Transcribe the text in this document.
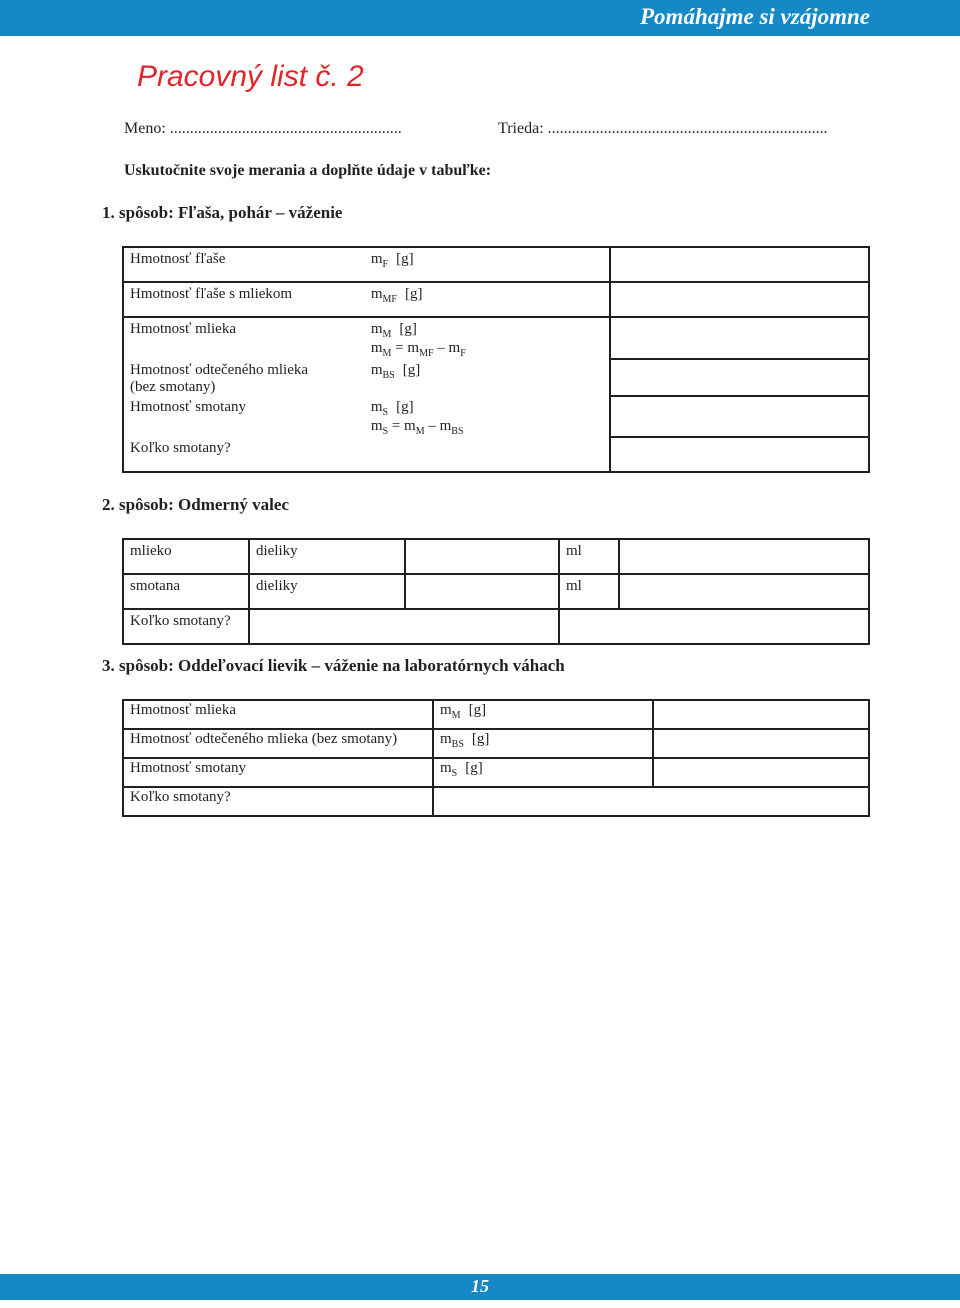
Pomáhajme si vzájomne
Pracovný list č. 2
Meno: ..........................................................	Trieda: ......................................................................
Uskutočnite svoje merania a doplňte údaje v tabuľke:
1. spôsob: Fľaša, pohár – váženie
Hmotnosť fľaše	$m_F$ [g]	
Hmotnosť fľaše s mliekom	$m_{MF}$ [g]	
Hmotnosť mlieka	$m_M$ [g]
$m_M = m_{MF} - m_F$

Hmotnosť odtečeného mlieka
(bez smotany)	$m_{BS}$ [g]	
Hmotnosť smotany	$m_S$ [g]
$m_S = m_M - m_{BS}$

Koľko smotany?		
2. spôsob: Odmerný valec
mlieko	dieliky		ml	
smotana	dieliky		ml	
Koľko smotany?				
3. spôsob: Oddeľovací lievik – váženie na laboratórnych váhach
Hmotnosť mlieka	$m_M$ [g]	
Hmotnosť odtečeného mlieka (bez smotany)	$m_{BS}$ [g]	
Hmotnosť smotany	$m_S$ [g]	
Koľko smotany?		
15
